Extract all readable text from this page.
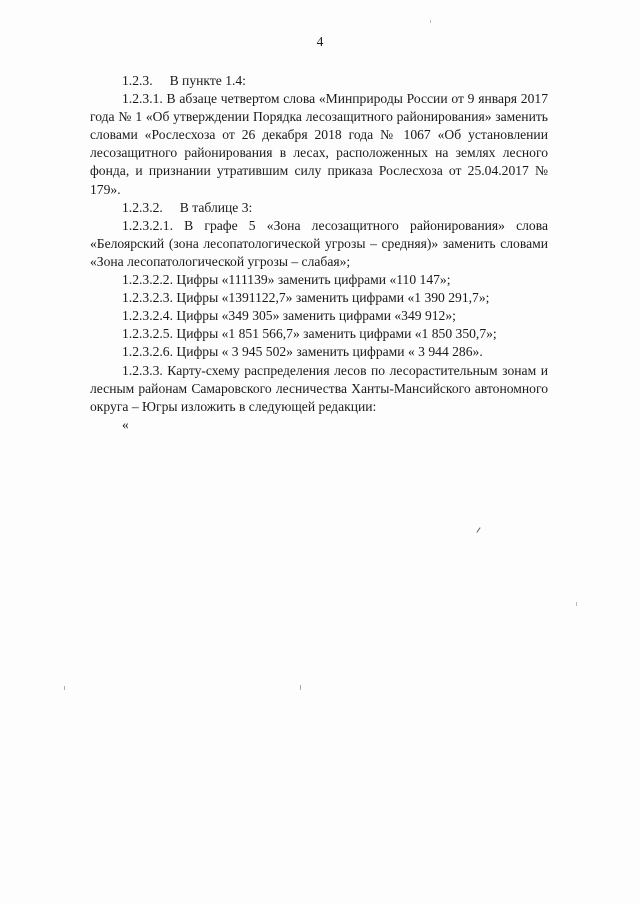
4

1.2.3.  В пункте 1.4:

1.2.3.1. В абзаце четвертом слова «Минприроды России от 9 января 2017 года № 1 «Об утверждении Порядка лесозащитного районирования» заменить словами «Рослесхоза от 26 декабря 2018 года № 1067 «Об установлении лесозащитного районирования в лесах, расположенных на землях лесного фонда, и признании утратившим силу приказа Рослесхоза от 25.04.2017 № 179».

1.2.3.2.  В таблице 3:

1.2.3.2.1. В графе 5 «Зона лесозащитного районирования» слова «Белоярский (зона лесопатологической угрозы – средняя)» заменить словами «Зона лесопатологической угрозы – слабая»;

1.2.3.2.2. Цифры «111139» заменить цифрами «110 147»;

1.2.3.2.3. Цифры «1391122,7» заменить цифрами «1 390 291,7»;

1.2.3.2.4. Цифры «349 305» заменить цифрами «349 912»;

1.2.3.2.5. Цифры «1 851 566,7» заменить цифрами «1 850 350,7»;

1.2.3.2.6. Цифры « 3 945 502» заменить цифрами « 3 944 286».

1.2.3.3. Карту-схему распределения лесов по лесорастительным зонам и лесным районам Самаровского лесничества Ханты-Мансийского автономного округа – Югры изложить в следующей редакции:

«
